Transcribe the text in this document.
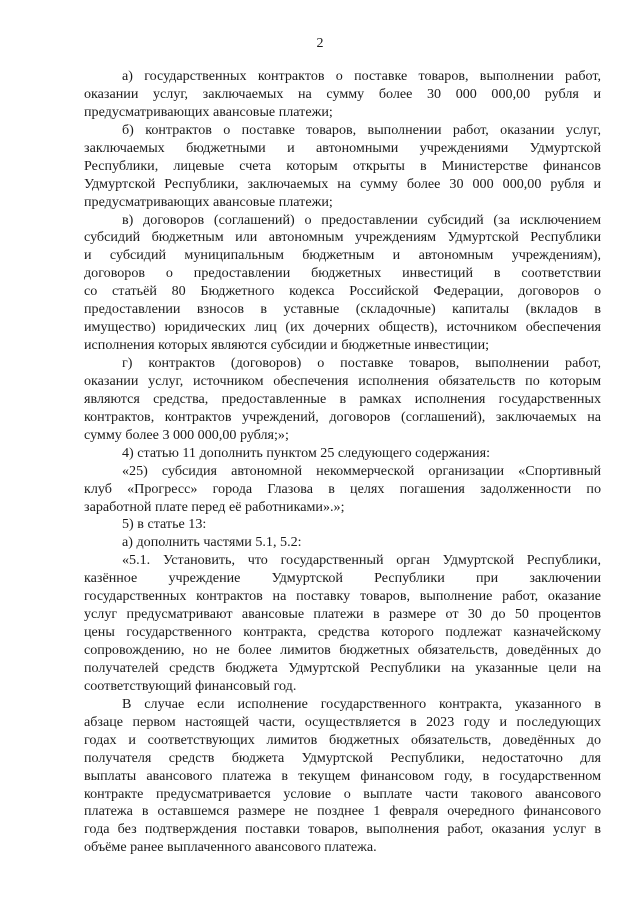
2
а) государственных контрактов о поставке товаров, выполнении работ,
оказании услуг, заключаемых на сумму более 30 000 000,00 рубля и
предусматривающих авансовые платежи;
б) контрактов о поставке товаров, выполнении работ, оказании услуг,
заключаемых бюджетными и автономными учреждениями Удмуртской
Республики, лицевые счета которым открыты в Министерстве финансов
Удмуртской Республики, заключаемых на сумму более 30 000 000,00 рубля и
предусматривающих авансовые платежи;
в) договоров (соглашений) о предоставлении субсидий (за исключением
субсидий бюджетным или автономным учреждениям Удмуртской Республики
и субсидий муниципальным бюджетным и автономным учреждениям),
договоров о предоставлении бюджетных инвестиций в соответствии
со статьёй 80 Бюджетного кодекса Российской Федерации, договоров о
предоставлении взносов в уставные (складочные) капиталы (вкладов в
имущество) юридических лиц (их дочерних обществ), источником обеспечения
исполнения которых являются субсидии и бюджетные инвестиции;
г) контрактов (договоров) о поставке товаров, выполнении работ,
оказании услуг, источником обеспечения исполнения обязательств по которым
являются средства, предоставленные в рамках исполнения государственных
контрактов, контрактов учреждений, договоров (соглашений), заключаемых на
сумму более 3 000 000,00 рубля;»;
4) статью 11 дополнить пунктом 25 следующего содержания:
«25) субсидия автономной некоммерческой организации «Спортивный
клуб «Прогресс» города Глазова в целях погашения задолженности по
заработной плате перед её работниками».»;
5) в статье 13:
а) дополнить частями 5.1, 5.2:
«5.1. Установить, что государственный орган Удмуртской Республики,
казённое учреждение Удмуртской Республики при заключении
государственных контрактов на поставку товаров, выполнение работ, оказание
услуг предусматривают авансовые платежи в размере от 30 до 50 процентов
цены государственного контракта, средства которого подлежат казначейскому
сопровождению, но не более лимитов бюджетных обязательств, доведённых до
получателей средств бюджета Удмуртской Республики на указанные цели на
соответствующий финансовый год.
В случае если исполнение государственного контракта, указанного в
абзаце первом настоящей части, осуществляется в 2023 году и последующих
годах и соответствующих лимитов бюджетных обязательств, доведённых до
получателя средств бюджета Удмуртской Республики, недостаточно для
выплаты авансового платежа в текущем финансовом году, в государственном
контракте предусматривается условие о выплате части такового авансового
платежа в оставшемся размере не позднее 1 февраля очередного финансового
года без подтверждения поставки товаров, выполнения работ, оказания услуг в
объёме ранее выплаченного авансового платежа.
